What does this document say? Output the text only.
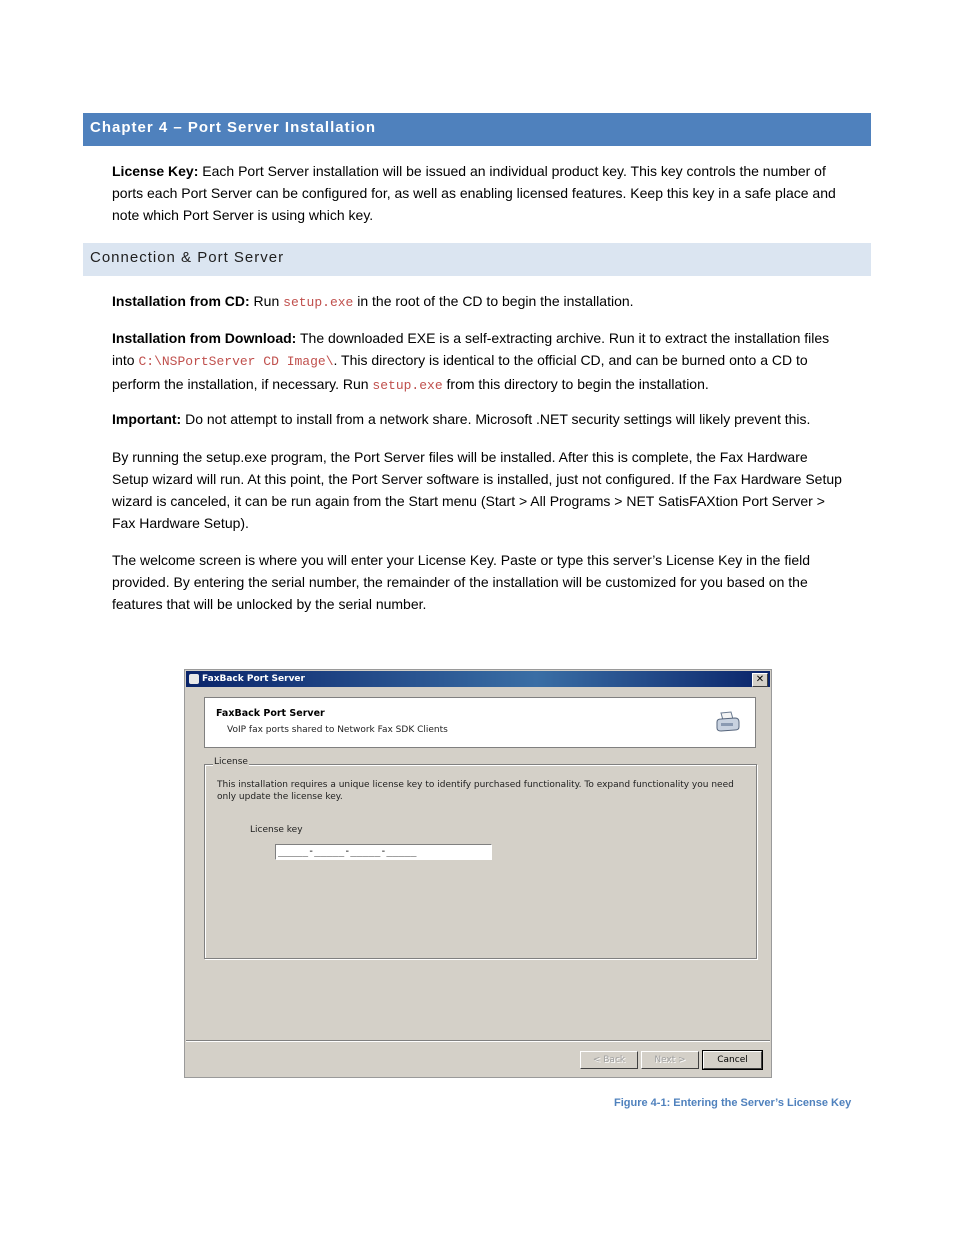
Chapter 4 – Port Server Installation

License Key: Each Port Server installation will be issued an individual product key. This key controls the number of ports each Port Server can be configured for, as well as enabling licensed features. Keep this key in a safe place and note which Port Server is using which key.

Connection & Port Server

Installation from CD: Run setup.exe in the root of the CD to begin the installation.

Installation from Download: The downloaded EXE is a self-extracting archive. Run it to extract the installation files into C:\NSPortServer CD Image\. This directory is identical to the official CD, and can be burned onto a CD to perform the installation, if necessary. Run setup.exe from this directory to begin the installation.

Important: Do not attempt to install from a network share. Microsoft .NET security settings will likely prevent this.

By running the setup.exe program, the Port Server files will be installed. After this is complete, the Fax Hardware Setup wizard will run. At this point, the Port Server software is installed, just not configured. If the Fax Hardware Setup wizard is canceled, it can be run again from the Start menu (Start > All Programs > NET SatisFAXtion Port Server > Fax Hardware Setup).

The welcome screen is where you will enter your License Key. Paste or type this server’s License Key in the field provided. By entering the serial number, the remainder of the installation will be customized for you based on the features that will be unlocked by the serial number.

FaxBack Port Server	✕
FaxBack Port Server
VoIP fax ports shared to Network Fax SDK Clients
License
This installation requires a unique license key to identify purchased functionality. To expand functionality you need only update the license key.
License key
_____-_____-_____-_____
< Back	Next >	Cancel
Figure 4-1: Entering the Server’s License Key
